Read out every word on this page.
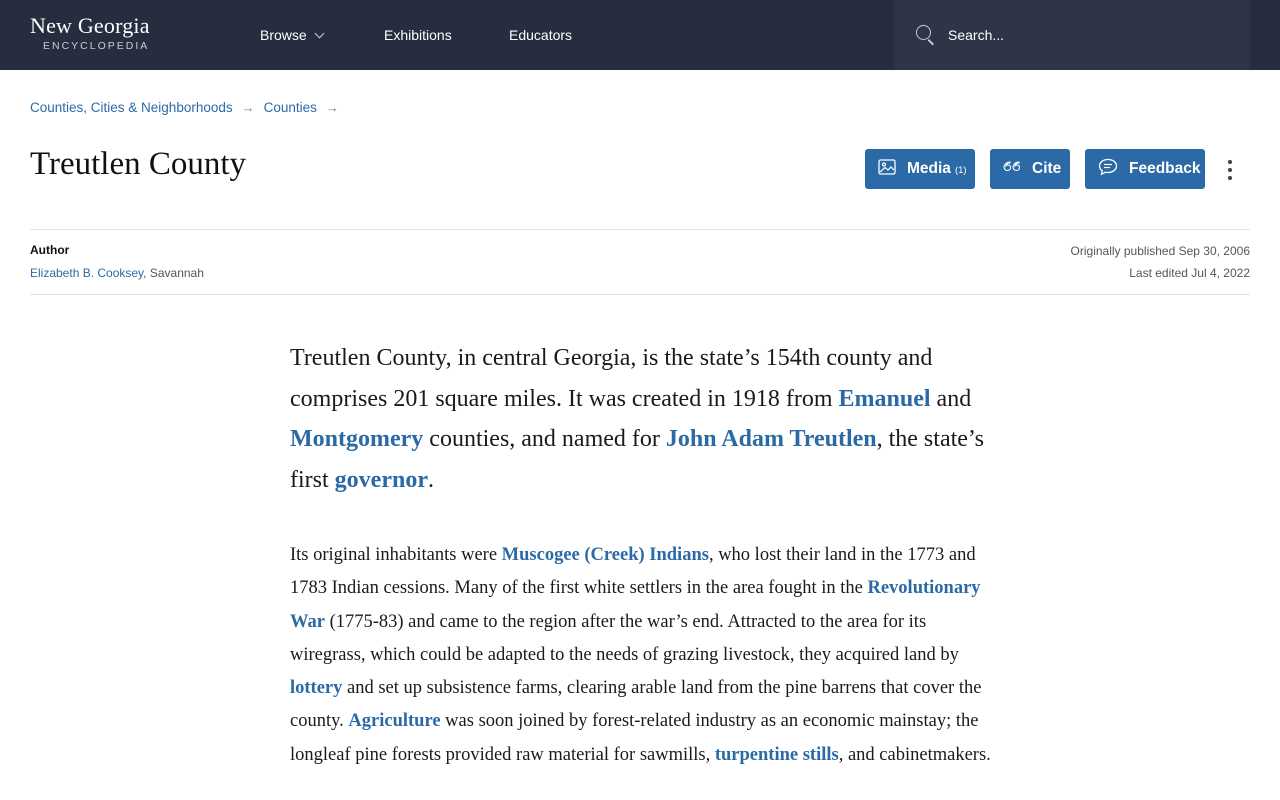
New Georgia
ENCYCLOPEDIA
Browse	Exhibitions	Educators	Search...
Counties, Cities & Neighborhoods → Counties →
Treutlen County	Media (1)	Cite	Feedback
Author
Elizabeth B. Cooksey, Savannah
Originally published Sep 30, 2006
Last edited Jul 4, 2022

Treutlen County, in central Georgia, is the state’s 154th county and comprises 201 square miles. It was created in 1918 from Emanuel and Montgomery counties, and named for John Adam Treutlen, the state’s first governor.

Its original inhabitants were Muscogee (Creek) Indians, who lost their land in the 1773 and 1783 Indian cessions. Many of the first white settlers in the area fought in the Revolutionary War (1775-83) and came to the region after the war’s end. Attracted to the area for its wiregrass, which could be adapted to the needs of grazing livestock, they acquired land by lottery and set up subsistence farms, clearing arable land from the pine barrens that cover the county. Agriculture was soon joined by forest-related industry as an economic mainstay; the longleaf pine forests provided raw material for sawmills, turpentine stills, and cabinetmakers.
